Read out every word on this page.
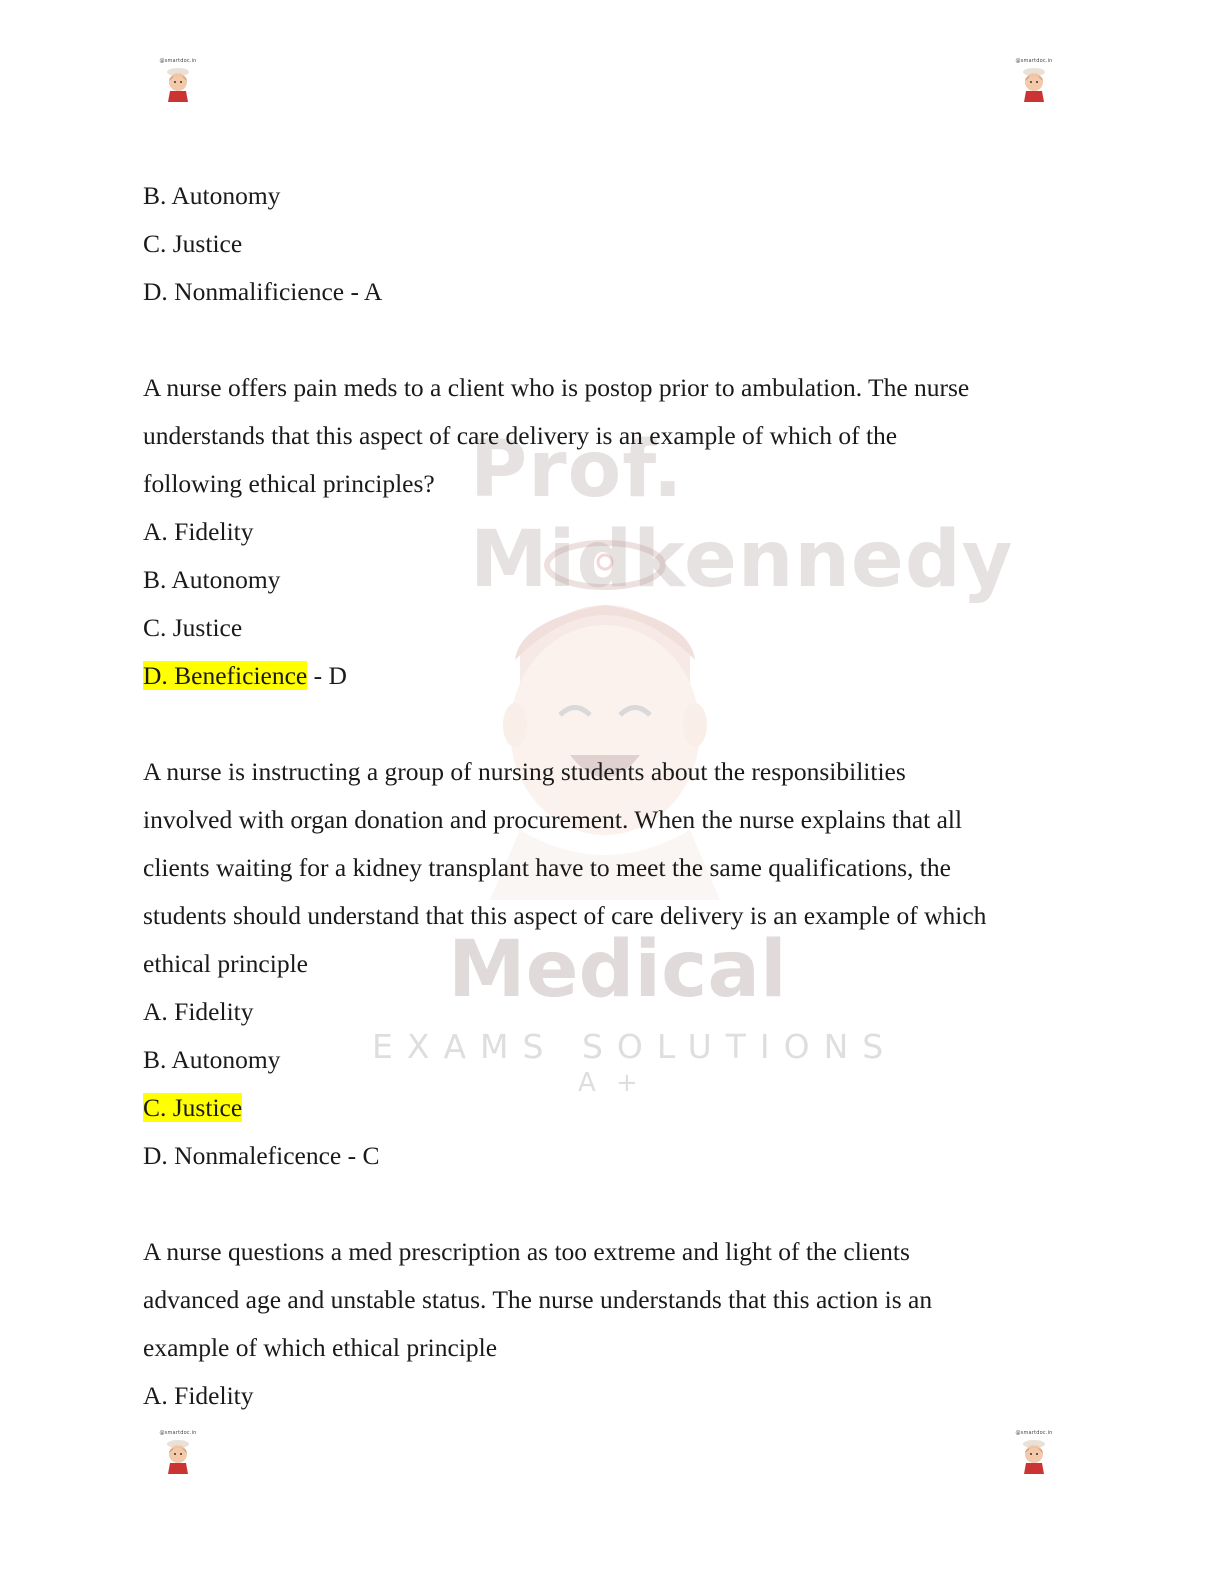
@smartdoc.in	@smartdoc.in
@smartdoc.in	@smartdoc.in
Prof. Midkennedy
Medical
EXAMS SOLUTIONS
A +
B. Autonomy
C. Justice
D. Nonmalificience - A
A nurse offers pain meds to a client who is postop prior to ambulation. The nurse
understands that this aspect of care delivery is an example of which of the
following ethical principles?
A. Fidelity
B. Autonomy
C. Justice
D. Beneficience - D
A nurse is instructing a group of nursing students about the responsibilities
involved with organ donation and procurement. When the nurse explains that all
clients waiting for a kidney transplant have to meet the same qualifications, the
students should understand that this aspect of care delivery is an example of which
ethical principle
A. Fidelity
B. Autonomy
C. Justice
D. Nonmaleficence - C
A nurse questions a med prescription as too extreme and light of the clients
advanced age and unstable status. The nurse understands that this action is an
example of which ethical principle
A. Fidelity
